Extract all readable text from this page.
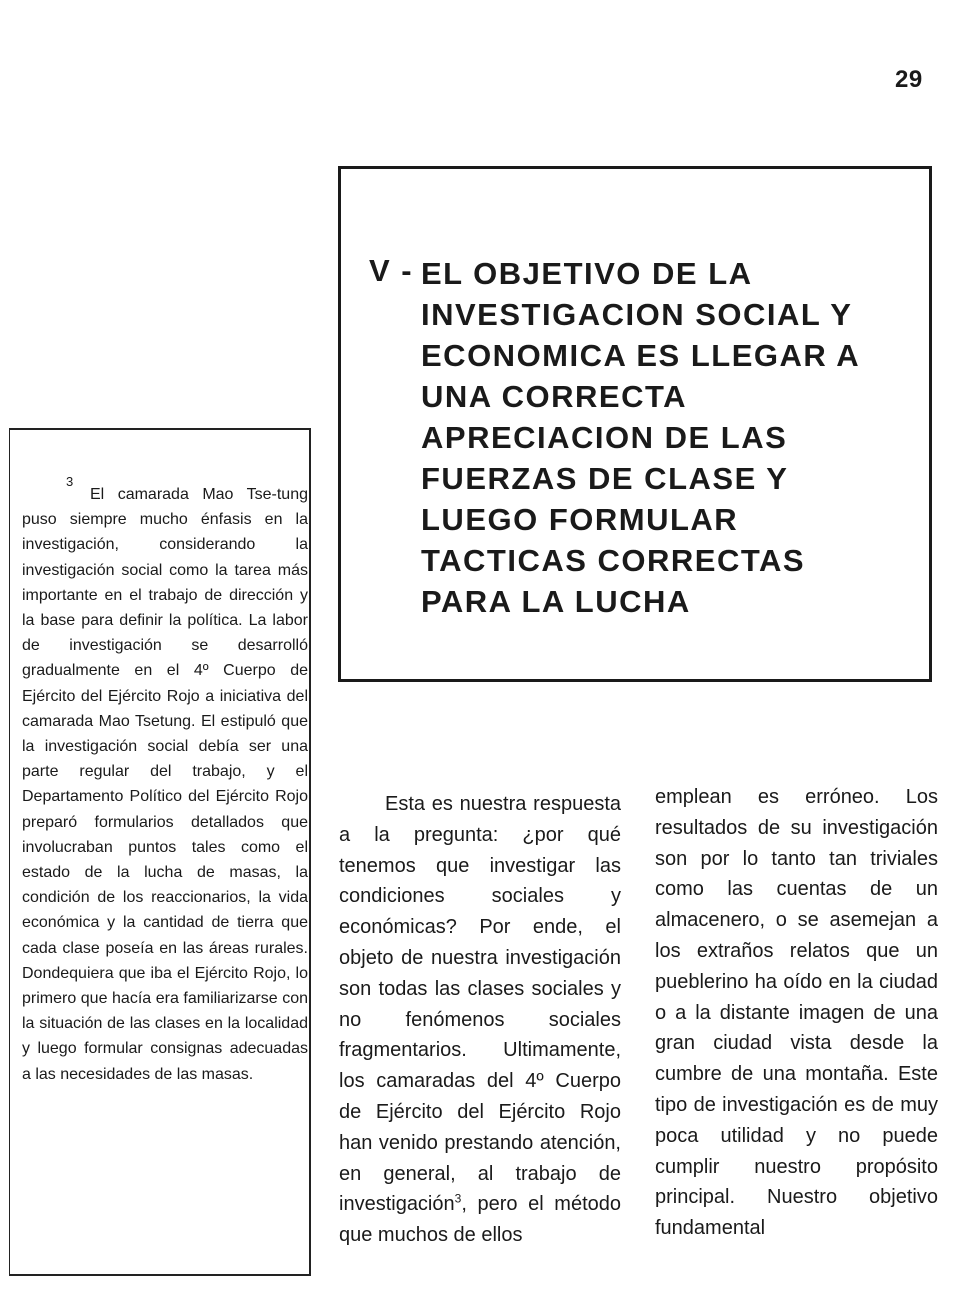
29
V - EL OBJETIVO DE LA
INVESTIGACION SOCIAL Y
ECONOMICA ES LLEGAR A
UNA CORRECTA
APRECIACION DE LAS
FUERZAS DE CLASE Y
LUEGO FORMULAR
TACTICAS CORRECTAS
PARA LA LUCHA
3
El camarada Mao Tse-tung puso siempre mucho énfasis en la investigación, considerando la investigación social como la tarea más importante en el trabajo de dirección y la base para definir la política. La labor de investigación se desarrolló gradualmente en el 4º Cuerpo de Ejército del Ejército Rojo a iniciativa del camarada Mao Tsetung. El estipuló que la investigación social debía ser una parte regular del trabajo, y el Departamento Político del Ejército Rojo preparó formularios detallados que involucraban puntos tales como el estado de la lucha de masas, la condición de los reaccionarios, la vida económica y la cantidad de tierra que cada clase poseía en las áreas rurales. Dondequiera que iba el Ejército Rojo, lo primero que hacía era familiarizarse con la situación de las clases en la localidad y luego formular consignas adecuadas a las necesidades de las masas.
Esta es nuestra respuesta a la pregunta: ¿por qué tenemos que investigar las condiciones sociales y económicas? Por ende, el objeto de nuestra investigación son todas las clases sociales y no fenómenos sociales fragmentarios. Ultimamente, los camaradas del 4º Cuerpo de Ejército del Ejército Rojo han venido prestando atención, en general, al trabajo de investigación$^3$, pero el método que muchos de ellos
emplean es erróneo. Los resultados de su investigación son por lo tanto tan triviales como las cuentas de un almacenero, o se asemejan a los extraños relatos que un pueblerino ha oído en la ciudad o a la distante imagen de una gran ciudad vista desde la cumbre de una montaña. Este tipo de investigación es de muy poca utilidad y no puede cumplir nuestro propósito principal. Nuestro objetivo fundamental
